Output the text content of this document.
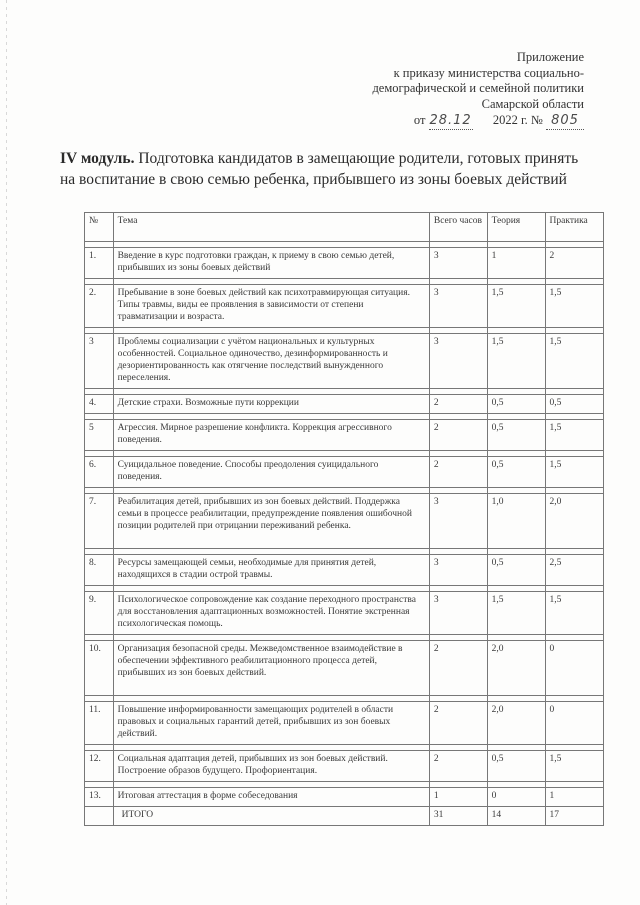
Приложение
к приказу министерства социально-
демографической и семейной политики
Самарской области
от 28.12 2022 г. № 805
IV модуль. Подготовка кандидатов в замещающие родители, готовых принять на воспитание в свою семью ребенка, прибывшего из зоны боевых действий
№	Тема	Всего часов	Теория	Практика

1.	Введение в курс подготовки граждан, к приему в свою семью детей, прибывших из зоны боевых действий	3	1	2

2.	Пребывание в зоне боевых действий как психотравмирующая ситуация. Типы травмы, виды ее проявления в зависимости от степени травматизации и возраста.	3	1,5	1,5

3	Проблемы социализации с учётом национальных и культурных особенностей. Социальное одиночество, дезинформированность и дезориентированность как отягчение последствий вынужденного переселения.	3	1,5	1,5

4.	Детские страхи. Возможные пути коррекции	2	0,5	0,5

5	Агрессия. Мирное разрешение конфликта. Коррекция агрессивного поведения.	2	0,5	1,5

6.	Суицидальное поведение. Способы преодоления суицидального поведения.	2	0,5	1,5

7.	Реабилитация детей, прибывших из зон боевых действий. Поддержка семьи в процессе реабилитации, предупреждение появления ошибочной позиции родителей при отрицании переживаний ребенка.	3	1,0	2,0

8.	Ресурсы замещающей семьи, необходимые для принятия детей, находящихся в стадии острой травмы.	3	0,5	2,5

9.	Психологическое сопровождение как создание переходного пространства для восстановления адаптационных возможностей. Понятие экстренная психологическая помощь.	3	1,5	1,5

10.	Организация безопасной среды. Межведомственное взаимодействие в обеспечении эффективного реабилитационного процесса детей, прибывших из зон боевых действий.	2	2,0	0

11.	Повышение информированности замещающих родителей в области правовых и социальных гарантий детей, прибывших из зон боевых действий.	2	2,0	0

12.	Социальная адаптация детей, прибывших из зон боевых действий. Построение образов будущего. Профориентация.	2	0,5	1,5

13.	Итоговая аттестация в форме собеседования	1	0	1
	ИТОГО	31	14	17
